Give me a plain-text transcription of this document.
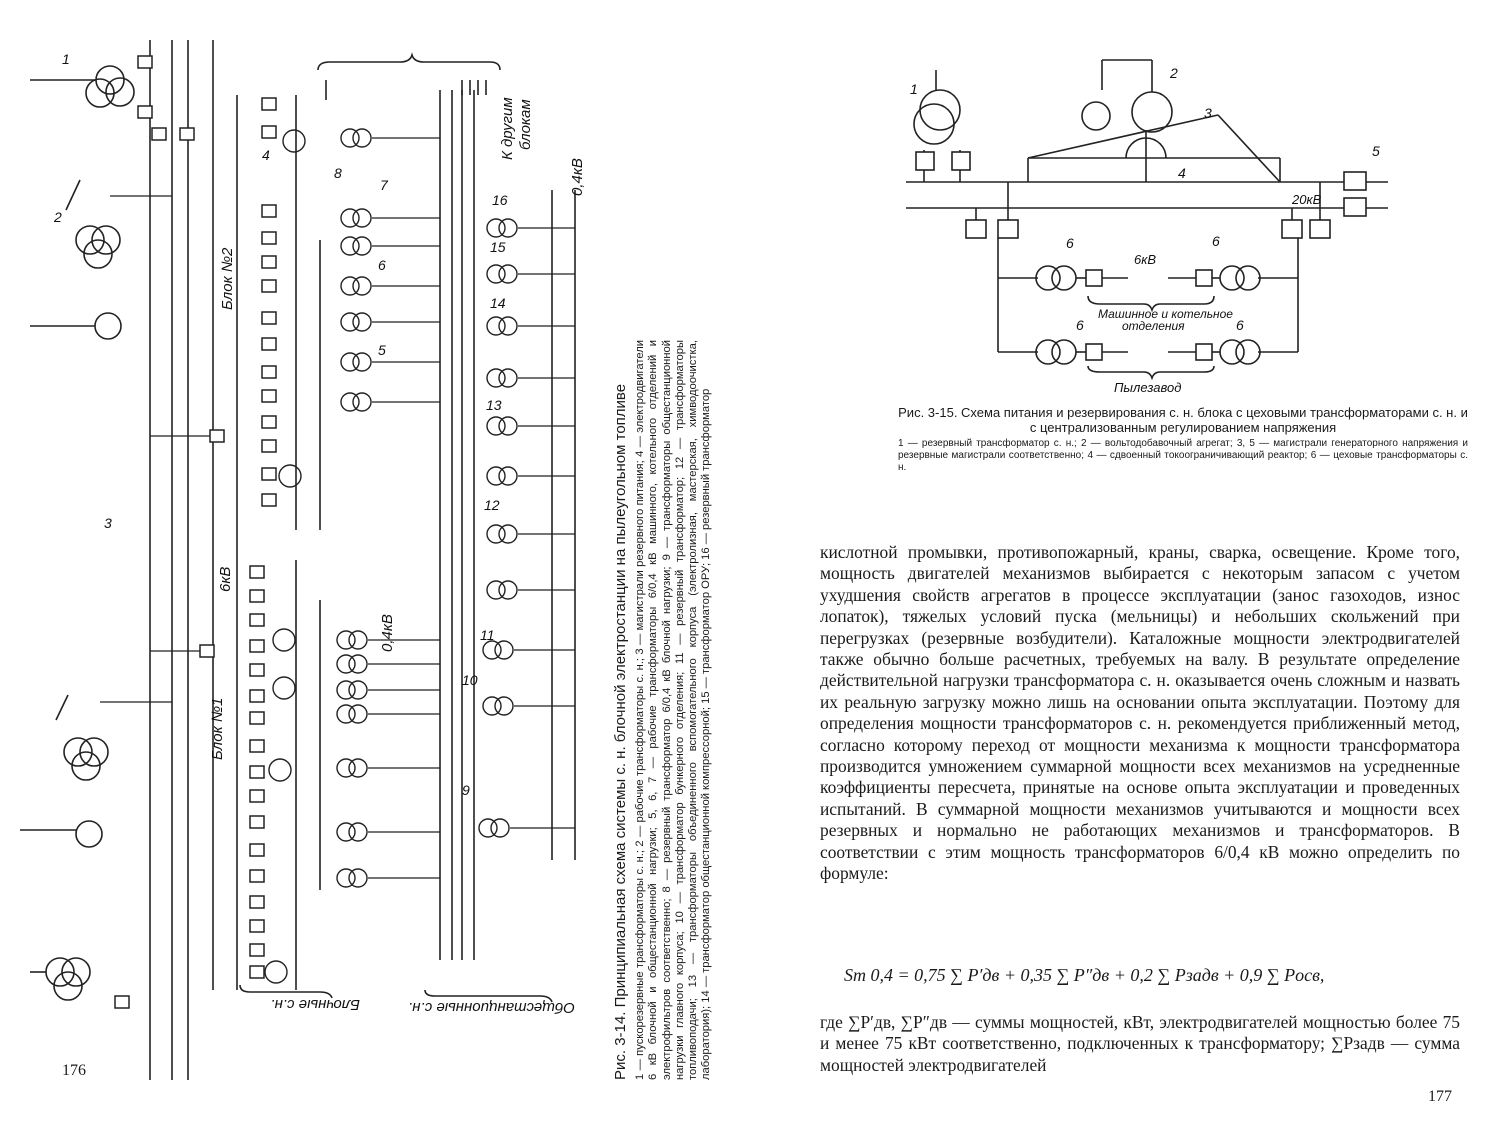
Блок №2
Блок №1
6кВ
0,4кВ
0,4кВ
К другим блокам
Блочные с.н.	Общестанционные с.н.
1
2
3
4
5
6
7
8
9
10
11
12
13
14
15
16

Рис. 3-14. Принципиальная схема системы с. н. блочной электростанции на пылеугольном топливе 1 — пускорезервные трансформаторы с. н.; 2 — рабочие трансформаторы с. н.; 3 — магистрали резервного питания; 4 — электродвигатели 6 кВ блочной и общестанционной нагрузки; 5, 6, 7 — рабочие трансформаторы 6/0,4 кВ машинного, котельного отделений и электрофильтров соответственно; 8 — резервный трансформатор 6/0,4 кВ блочной нагрузки; 9 — трансформаторы общестанционной нагрузки главного корпуса; 10 — трансформатор бункерного отделения; 11 — резервный трансформатор; 12 — трансформаторы топливоподачи; 13 — трансформаторы объединенного вспомогательного корпуса (электролизная, мастерская, химводоочистка, лаборатория); 14 — трансформатор общестанционной компрессорной; 15 — трансформатор ОРУ; 16 — резервный трансформатор

176
1
2
3
4
5
6	6
6	6
20кВ
6кВ
Машинное и котельное
отделения
Пылезавод

Рис. 3-15. Схема питания и резервирования с. н. блока с цеховыми трансформаторами с. н. и с централизованным регулированием напряжения

1 — резервный трансформатор с. н.; 2 — вольтодобавочный агрегат; 3, 5 — магистрали генераторного напряжения и резервные магистрали соответственно; 4 — сдвоенный токоограничивающий реактор; 6 — цеховые трансформаторы с. н.

кислотной промывки, противопожарный, краны, сварка, освещение. Кроме того, мощность двигателей механизмов выбирается с некоторым запасом с учетом ухудшения свойств агрегатов в процессе эксплуатации (занос газоходов, износ лопаток), тяжелых условий пуска (мельницы) и небольших скольжений при перегрузках (резервные возбудители). Каталожные мощности электродвигателей также обычно больше расчетных, требуемых на валу. В результате определение действительной нагрузки трансформатора с. н. оказывается очень сложным и назвать их реальную загрузку можно лишь на основании опыта эксплуатации. Поэтому для определения мощности трансформаторов с. н. рекомендуется приближенный метод, согласно которому переход от мощности механизма к мощности трансформатора производится умножением суммарной мощности всех механизмов на усредненные коэффициенты пересчета, принятые на основе опыта эксплуатации и проведенных испытаний. В суммарной мощности механизмов учитываются и мощности всех резервных и нормально не работающих механизмов и трансформаторов. В соответствии с этим мощность трансформаторов 6/0,4 кВ можно определить по формуле:

Sт 0,4 = 0,75 ∑ P′дв + 0,35 ∑ P″дв + 0,2 ∑ Pзадв + 0,9 ∑ Pосв,

где ∑P′дв, ∑P″дв — суммы мощностей, кВт, электродвигателей мощностью более 75 и менее 75 кВт соответственно, подключенных к трансформатору; ∑Pзадв — сумма мощностей электродвигателей

177
